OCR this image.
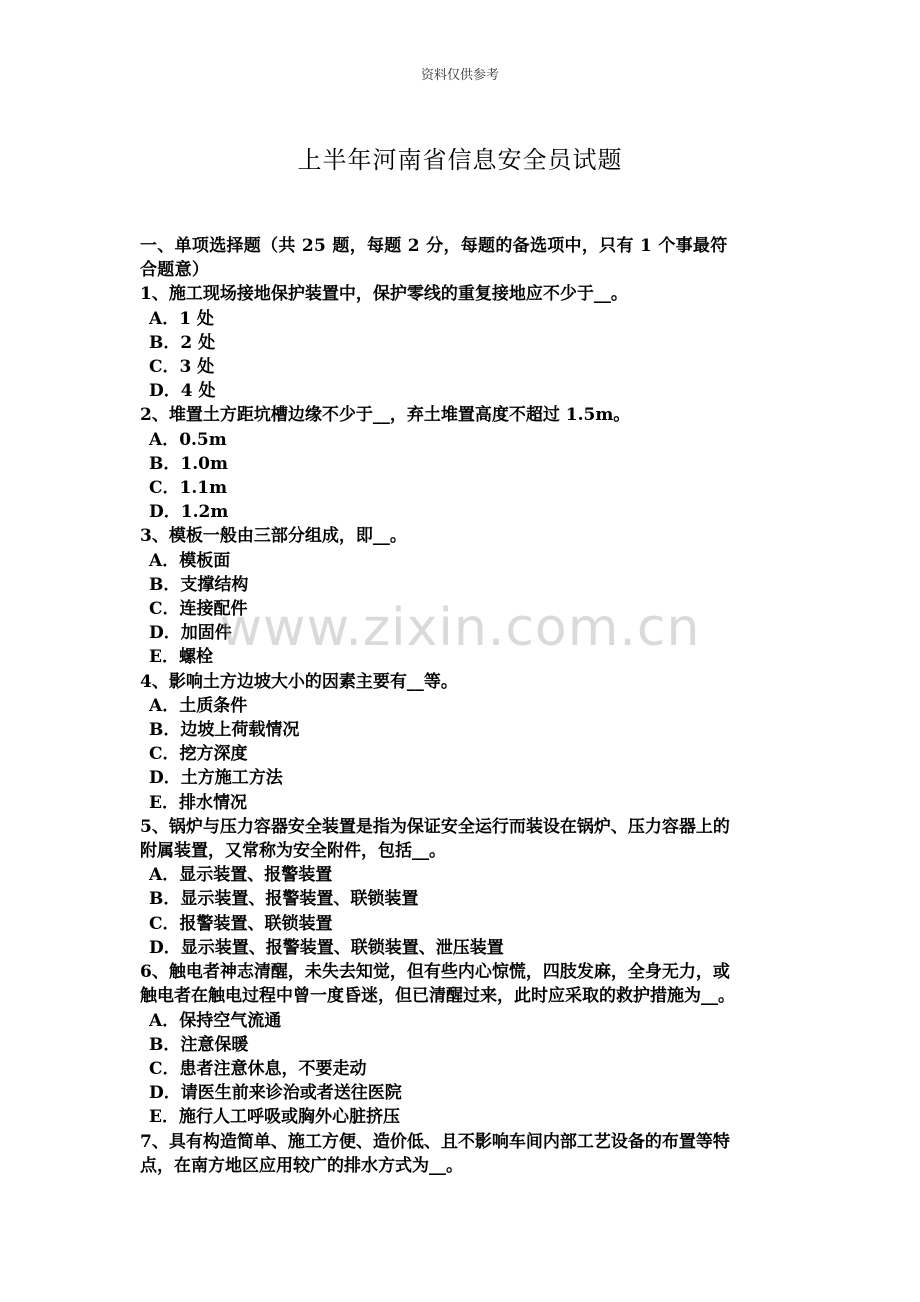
资料仅供参考
上半年河南省信息安全员试题
一、单项选择题（共 25 题，每题 2 分，每题的备选项中，只有 1 个事最符
合题意）
1、施工现场接地保护装置中，保护零线的重复接地应不少于__。
A．1 处
B．2 处
C．3 处
D．4 处
2、堆置土方距坑槽边缘不少于__，弃土堆置高度不超过 1.5m。
A．0.5m
B．1.0m
C．1.1m
D．1.2m
3、模板一般由三部分组成，即__。
A．模板面
B．支撑结构
C．连接配件
D．加固件
E．螺栓
4、影响土方边坡大小的因素主要有__等。
A．土质条件
B．边坡上荷载情况
C．挖方深度
D．土方施工方法
E．排水情况
5、锅炉与压力容器安全装置是指为保证安全运行而装设在锅炉、压力容器上的
附属装置，又常称为安全附件，包括__。
A．显示装置、报警装置
B．显示装置、报警装置、联锁装置
C．报警装置、联锁装置
D．显示装置、报警装置、联锁装置、泄压装置
6、触电者神志清醒，未失去知觉，但有些内心惊慌，四肢发麻，全身无力，或
触电者在触电过程中曾一度昏迷，但已清醒过来，此时应采取的救护措施为__。
A．保持空气流通
B．注意保暖
C．患者注意休息，不要走动
D．请医生前来诊治或者送往医院
E．施行人工呼吸或胸外心脏挤压
7、具有构造简单、施工方便、造价低、且不影响车间内部工艺设备的布置等特
点，在南方地区应用较广的排水方式为__。
www.zixin.com.cn
